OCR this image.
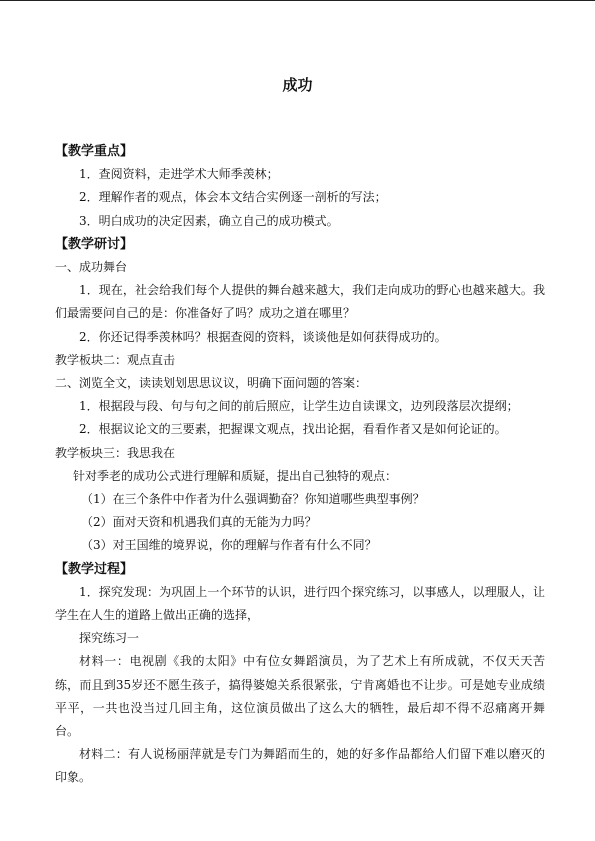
成功
【教学重点】
1．查阅资料，走进学术大师季羡林；
2．理解作者的观点，体会本文结合实例逐一剖析的写法；
3．明白成功的决定因素，确立自己的成功模式。
【教学研讨】
一、成功舞台
1．现在，社会给我们每个人提供的舞台越来越大，我们走向成功的野心也越来越大。我们最需要问自己的是：你准备好了吗？成功之道在哪里？
2．你还记得季羡林吗？根据查阅的资料，谈谈他是如何获得成功的。
教学板块二：观点直击
二、浏览全文，读读划划思思议议，明确下面问题的答案：
1．根据段与段、句与句之间的前后照应，让学生边自读课文，边列段落层次提纲；
2．根据议论文的三要素，把握课文观点，找出论据，看看作者又是如何论证的。
教学板块三：我思我在
针对季老的成功公式进行理解和质疑，提出自己独特的观点：
（1）在三个条件中作者为什么强调勤奋？你知道哪些典型事例？
（2）面对天资和机遇我们真的无能为力吗？
（3）对王国维的境界说，你的理解与作者有什么不同？
【教学过程】
1．探究发现：为巩固上一个环节的认识，进行四个探究练习，以事感人，以理服人，让学生在人生的道路上做出正确的选择，
探究练习一
材料一：电视剧《我的太阳》中有位女舞蹈演员，为了艺术上有所成就，不仅天天苦练，而且到35岁还不愿生孩子，搞得婆媳关系很紧张，宁肯离婚也不让步。可是她专业成绩平平，一共也没当过几回主角，这位演员做出了这么大的牺牲，最后却不得不忍痛离开舞台。
材料二：有人说杨丽萍就是专门为舞蹈而生的，她的好多作品都给人们留下难以磨灭的印象。
